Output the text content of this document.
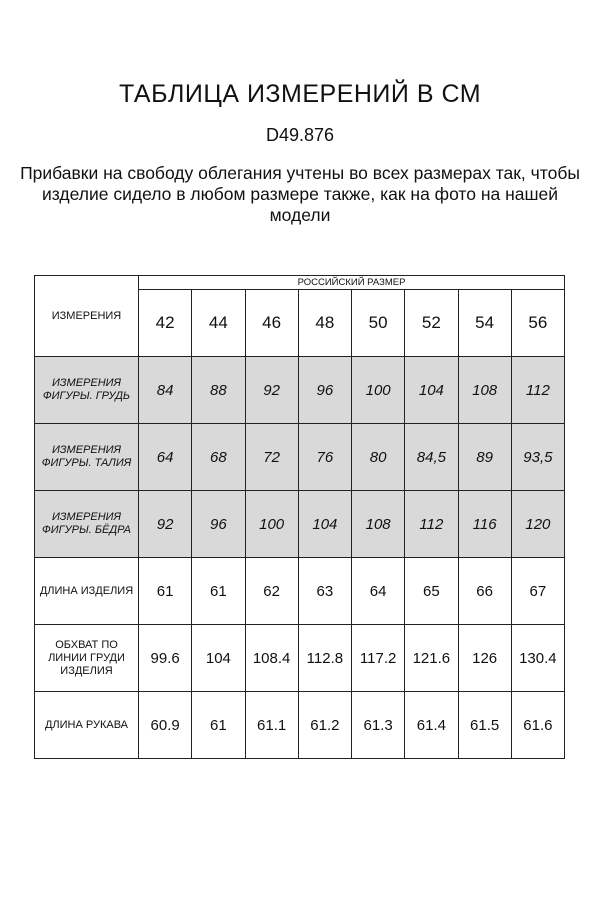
ТАБЛИЦА ИЗМЕРЕНИЙ В СМ
D49.876
Прибавки на свободу облегания учтены во всех размерах так, чтобы изделие сидело в любом размере также, как на фото на нашей модели
ИЗМЕРЕНИЯ	РОССИЙСКИЙ РАЗМЕР							
	42	44	46	48	50	52	54	56
ИЗМЕРЕНИЯ ФИГУРЫ. ГРУДЬ	84	88	92	96	100	104	108	112
ИЗМЕРЕНИЯ ФИГУРЫ. ТАЛИЯ	64	68	72	76	80	84,5	89	93,5
ИЗМЕРЕНИЯ ФИГУРЫ. БЁДРА	92	96	100	104	108	112	116	120
ДЛИНА ИЗДЕЛИЯ	61	61	62	63	64	65	66	67
ОБХВАТ ПО ЛИНИИ ГРУДИ ИЗДЕЛИЯ	99.6	104	108.4	112.8	117.2	121.6	126	130.4
ДЛИНА РУКАВА	60.9	61	61.1	61.2	61.3	61.4	61.5	61.6
